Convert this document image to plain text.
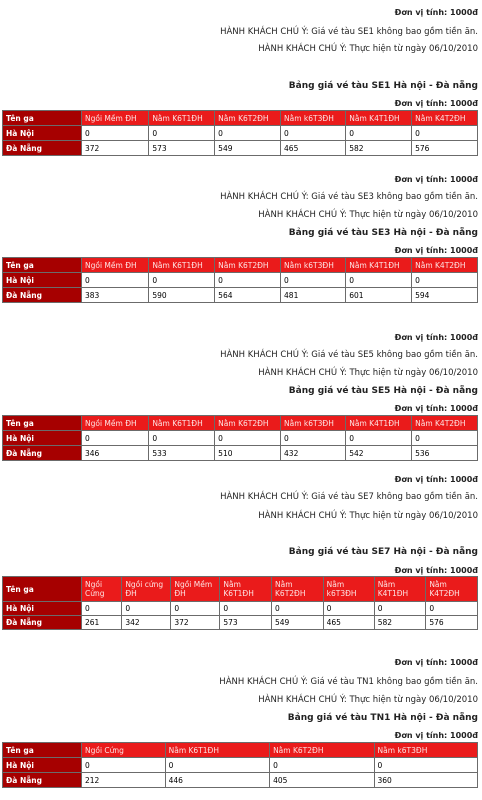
Đơn vị tính: 1000đ
HÀNH KHÁCH CHÚ Ý: Giá vé tàu SE1 không bao gồm tiền ăn.
HÀNH KHÁCH CHÚ Ý: Thực hiện từ ngày 06/10/2010
Bảng giá vé tàu SE1 Hà nội - Đà nẵng
Đơn vị tính: 1000đ
Tên ga	Ngồi Mềm ĐH	Nằm K6T1ĐH	Nằm K6T2ĐH	Nằm k6T3ĐH	Nằm K4T1ĐH	Nằm K4T2ĐH
Hà Nội	0	0	0	0	0	0
Đà Nẵng	372	573	549	465	582	576
Đơn vị tính: 1000đ
HÀNH KHÁCH CHÚ Ý: Giá vé tàu SE3 không bao gồm tiền ăn.
HÀNH KHÁCH CHÚ Ý: Thực hiện từ ngày 06/10/2010
Bảng giá vé tàu SE3 Hà nội - Đà nẵng
Đơn vị tính: 1000đ
Tên ga	Ngồi Mềm ĐH	Nằm K6T1ĐH	Nằm K6T2ĐH	Nằm k6T3ĐH	Nằm K4T1ĐH	Nằm K4T2ĐH
Hà Nội	0	0	0	0	0	0
Đà Nẵng	383	590	564	481	601	594
Đơn vị tính: 1000đ
HÀNH KHÁCH CHÚ Ý: Giá vé tàu SE5 không bao gồm tiền ăn.
HÀNH KHÁCH CHÚ Ý: Thực hiện từ ngày 06/10/2010
Bảng giá vé tàu SE5 Hà nội - Đà nẵng
Đơn vị tính: 1000đ
Tên ga	Ngồi Mềm ĐH	Nằm K6T1ĐH	Nằm K6T2ĐH	Nằm k6T3ĐH	Nằm K4T1ĐH	Nằm K4T2ĐH
Hà Nội	0	0	0	0	0	0
Đà Nẵng	346	533	510	432	542	536
Đơn vị tính: 1000đ
HÀNH KHÁCH CHÚ Ý: Giá vé tàu SE7 không bao gồm tiền ăn.
HÀNH KHÁCH CHÚ Ý: Thực hiện từ ngày 06/10/2010
Bảng giá vé tàu SE7 Hà nội - Đà nẵng
Đơn vị tính: 1000đ
Tên ga	Ngồi Cứng	Ngồi cứng ĐH	Ngồi Mềm ĐH	Nằm K6T1ĐH	Nằm K6T2ĐH	Nằm k6T3ĐH	Nằm K4T1ĐH	Nằm K4T2ĐH
Hà Nội	0	0	0	0	0	0	0	0
Đà Nẵng	261	342	372	573	549	465	582	576
Đơn vị tính: 1000đ
HÀNH KHÁCH CHÚ Ý: Giá vé tàu TN1 không bao gồm tiền ăn.
HÀNH KHÁCH CHÚ Ý: Thực hiện từ ngày 06/10/2010
Bảng giá vé tàu TN1 Hà nội - Đà nẵng
Đơn vị tính: 1000đ
Tên ga	Ngồi Cứng	Nằm K6T1ĐH	Nằm K6T2ĐH	Nằm k6T3ĐH
Hà Nội	0	0	0	0
Đà Nẵng	212	446	405	360
